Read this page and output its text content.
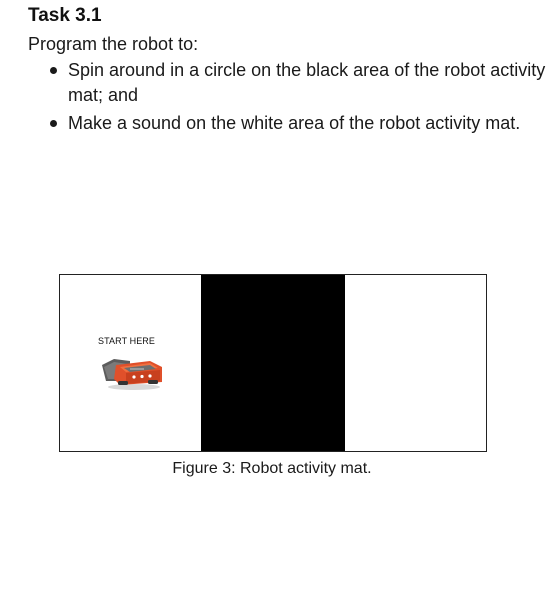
Task 3.1

Program the robot to:

Spin around in a circle on the black area of the robot activity mat; and
Make a sound on the white area of the robot activity mat.
START HERE
Figure 3: Robot activity mat.
